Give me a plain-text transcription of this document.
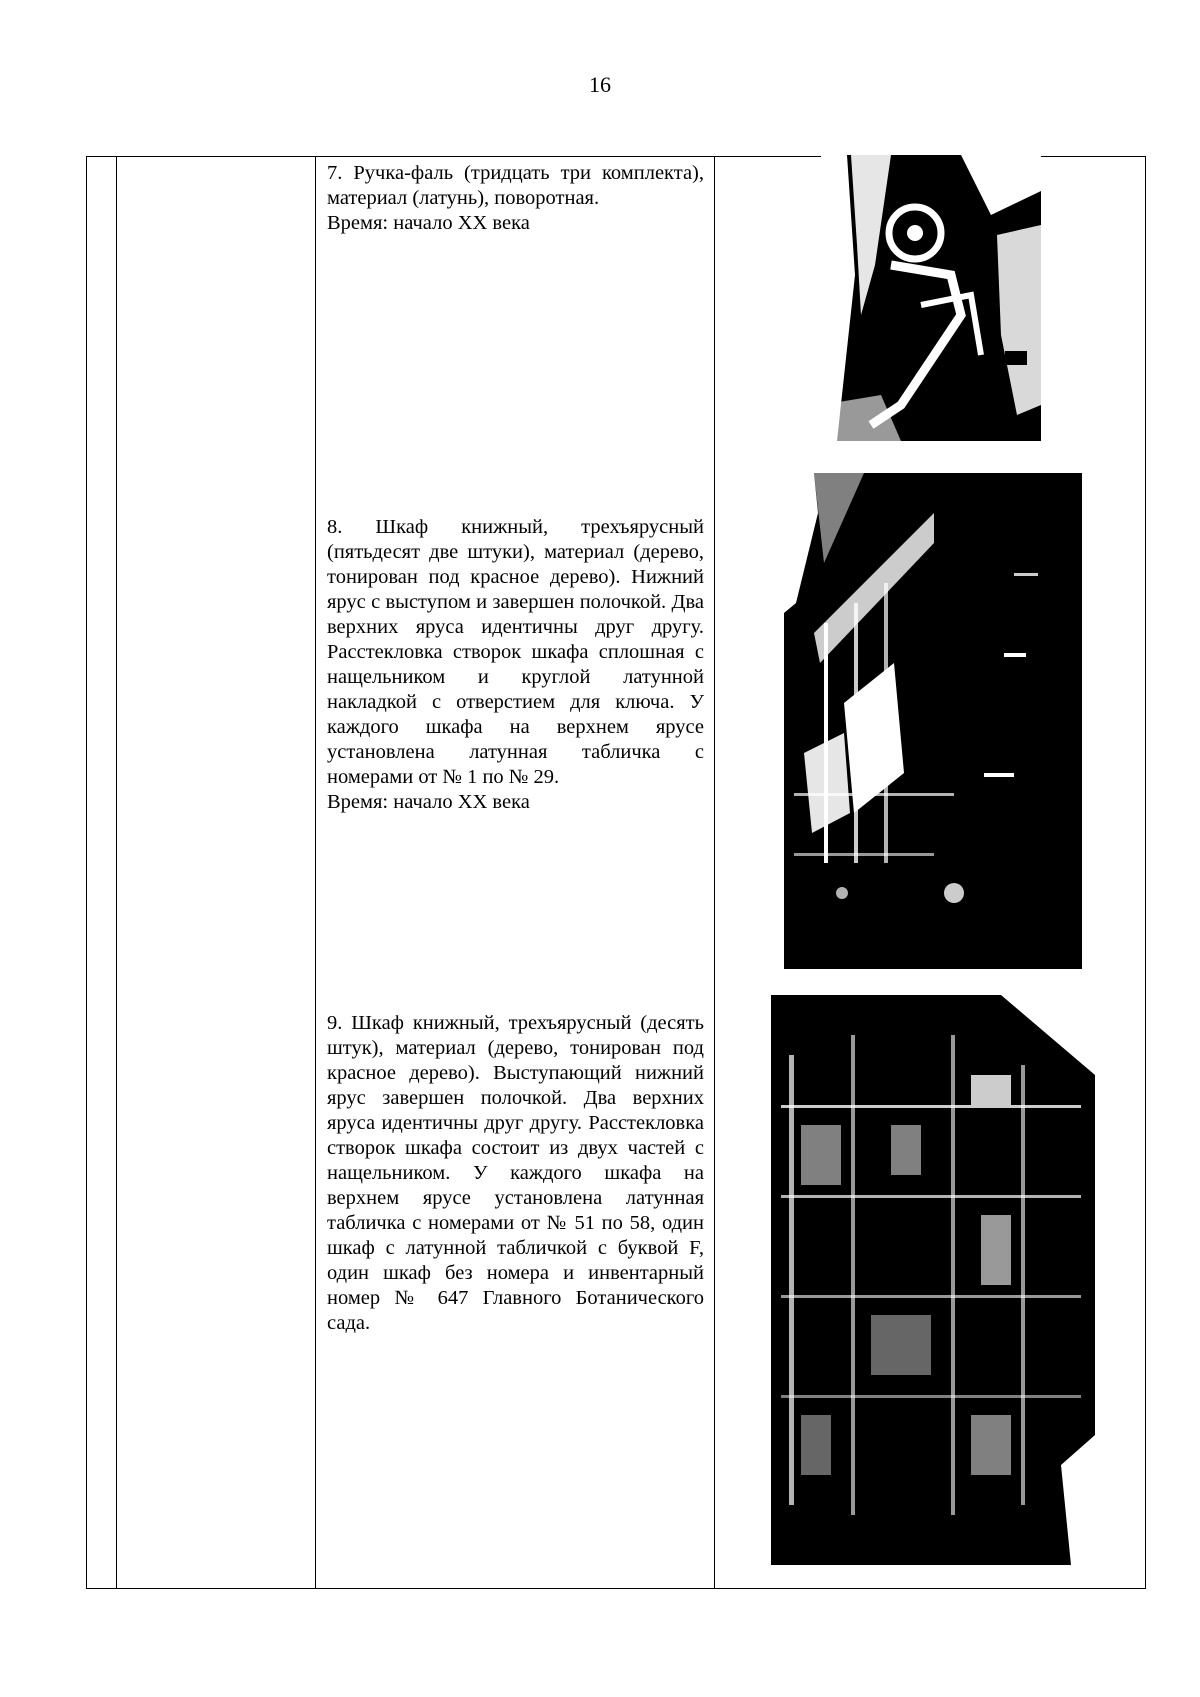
16

7. Ручка-фаль (тридцать три комплекта), материал (латунь), поворотная.

Время: начало XX века

8. Шкаф книжный, трехъярусный (пятьдесят две штуки), материал (дерево, тонирован под красное дерево). Нижний ярус с выступом и завершен полочкой. Два верхних яруса идентичны друг другу. Расстекловка створок шкафа сплошная с нащельником и круглой латунной накладкой с отверстием для ключа. У каждого шкафа на верхнем ярусе установлена латунная табличка с номерами от № 1 по № 29.

Время: начало XX века

9. Шкаф книжный, трехъярусный (десять штук), материал (дерево, тонирован под красное дерево). Выступающий нижний ярус завершен полочкой. Два верхних яруса идентичны друг другу. Расстекловка створок шкафа состоит из двух частей с нащельником. У каждого шкафа на верхнем ярусе установлена латунная табличка с номерами от № 51 по 58, один шкаф с латунной табличкой с буквой F, один шкаф без номера и инвентарный номер № 647 Главного Ботанического сада.
